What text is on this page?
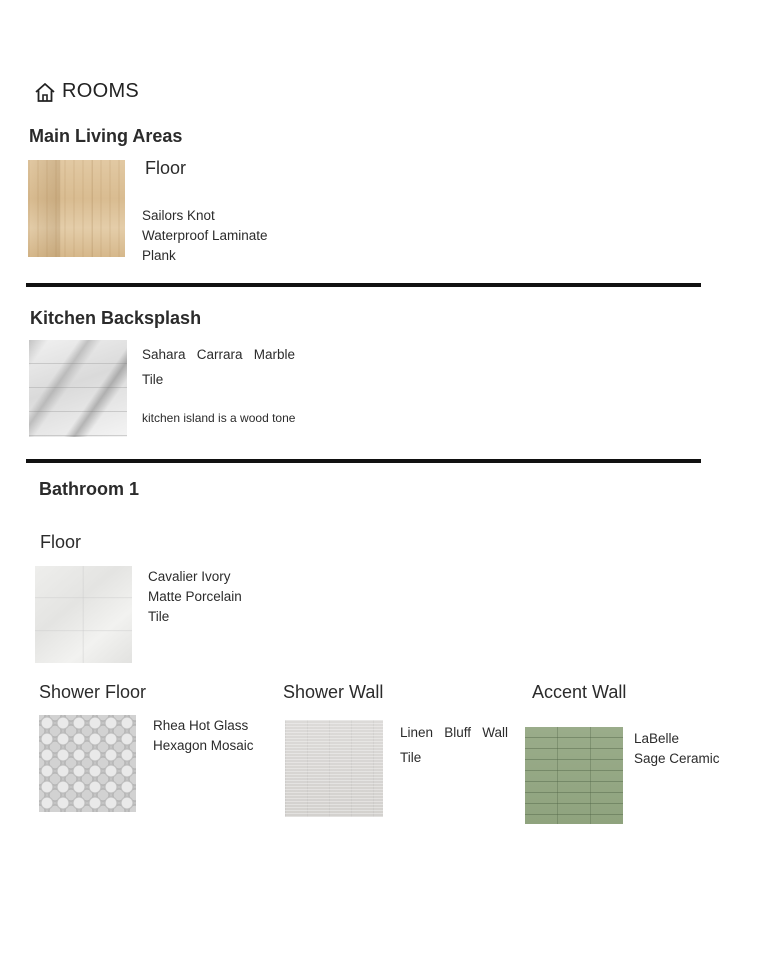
ROOMS
Main Living Areas
Floor
Sailors Knot
Waterproof Laminate
Plank
Kitchen Backsplash
Sahara   Carrara   Marble
Tile
kitchen island is a wood tone
Bathroom 1
Floor
Cavalier Ivory
Matte Porcelain
Tile
Shower Floor
Rhea Hot Glass
Hexagon Mosaic
Shower Wall
Linen   Bluff   Wall
Tile
Accent Wall
LaBelle
Sage Ceramic
